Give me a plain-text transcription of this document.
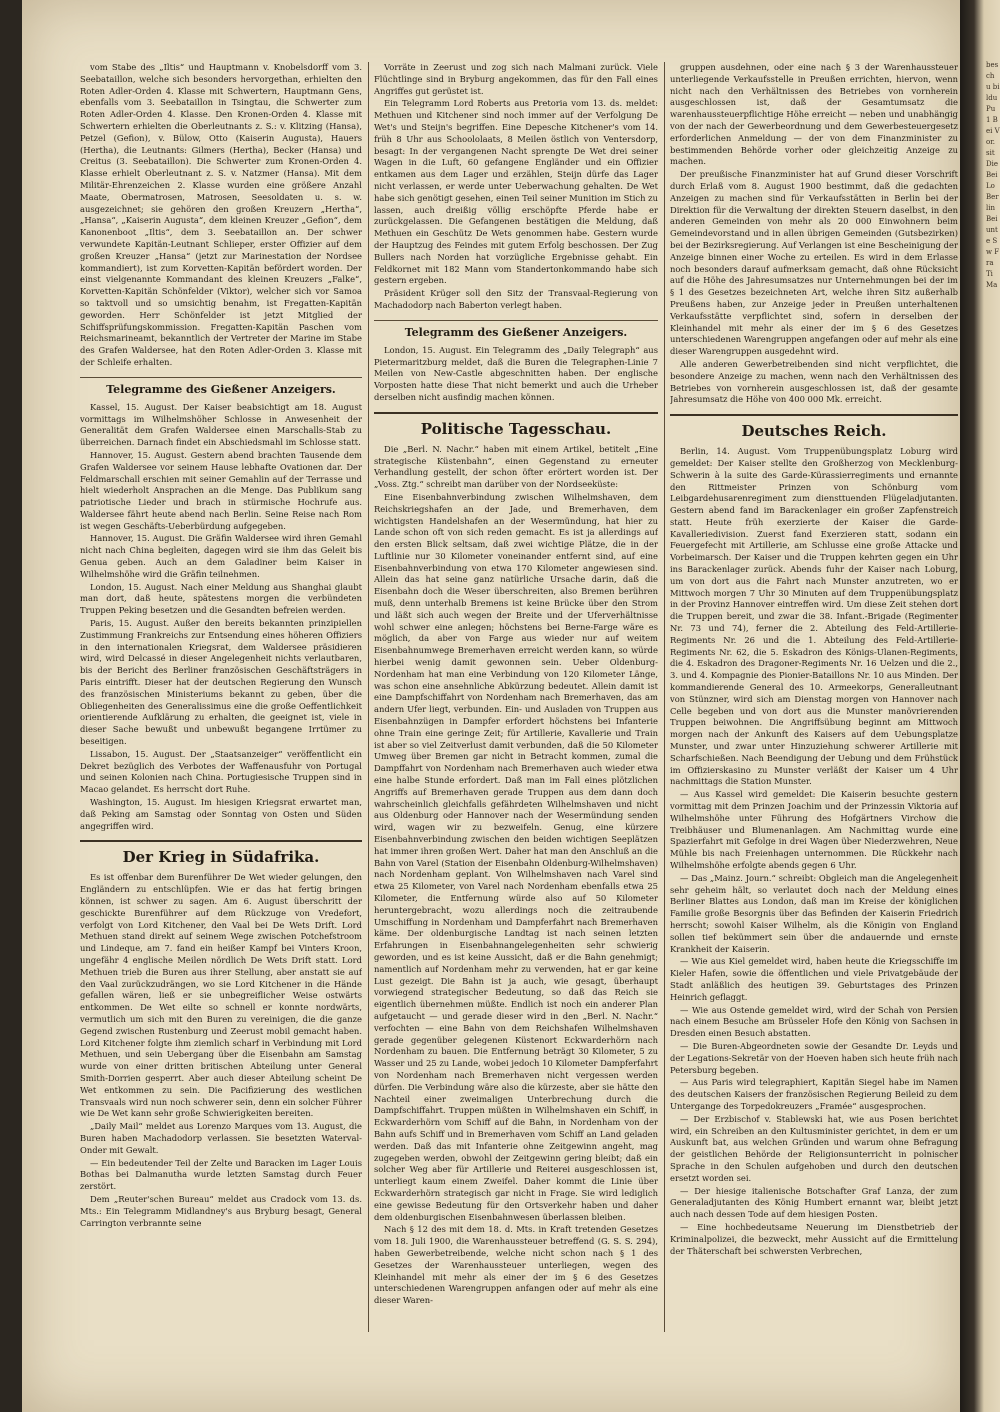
vom Stabe des „Iltis“ und Hauptmann v. Knobelsdorff vom 3. Seebataillon, welche sich besonders hervorgethan, erhielten den Roten Adler-Orden 4. Klasse mit Schwertern, Hauptmann Gens, ebenfalls vom 3. Seebataillon in Tsingtau, die Schwerter zum Roten Adler-Orden 4. Klasse. Den Kronen-Orden 4. Klasse mit Schwertern erhielten die Oberleutnants z. S.: v. Klitzing (Hansa), Petzel (Gefion), v. Bülow, Otto (Kaiserin Augusta), Hauers (Hertha), die Leutnants: Gilmers (Hertha), Becker (Hansa) und Creitus (3. Seebataillon). Die Schwerter zum Kronen-Orden 4. Klasse erhielt Oberleutnant z. S. v. Natzmer (Hansa). Mit dem Militär-Ehrenzeichen 2. Klasse wurden eine größere Anzahl Maate, Obermatrosen, Matrosen, Seesoldaten u. s. w. ausgezeichnet; sie gehören den großen Kreuzern „Hertha“, „Hansa“, „Kaiserin Augusta“, dem kleinen Kreuzer „Gefion“, dem Kanonenboot „Iltis“, dem 3. Seebataillon an. Der schwer verwundete Kapitän-Leutnant Schlieper, erster Offizier auf dem großen Kreuzer „Hansa“ (jetzt zur Marinestation der Nordsee kommandiert), ist zum Korvetten-Kapitän befördert worden. Der einst vielgenannte Kommandant des kleinen Kreuzers „Falke“, Korvetten-Kapitän Schönfelder (Viktor), welcher sich vor Samoa so taktvoll und so umsichtig benahm, ist Fregatten-Kapitän geworden. Herr Schönfelder ist jetzt Mitglied der Schiffsprüfungskommission. Fregatten-Kapitän Paschen vom Reichsmarineamt, bekanntlich der Vertreter der Marine im Stabe des Grafen Waldersee, hat den Roten Adler-Orden 3. Klasse mit der Schleife erhalten.

Telegramme des Gießener Anzeigers.

Kassel, 15. August. Der Kaiser beabsichtigt am 18. August vormittags im Wilhelmshöher Schlosse in Anwesenheit der Generalität dem Grafen Waldersee einen Marschalls-Stab zu überreichen. Darnach findet ein Abschiedsmahl im Schlosse statt.

Hannover, 15. August. Gestern abend brachten Tausende dem Grafen Waldersee vor seinem Hause lebhafte Ovationen dar. Der Feldmarschall erschien mit seiner Gemahlin auf der Terrasse und hielt wiederholt Ansprachen an die Menge. Das Publikum sang patriotische Lieder und brach in stürmische Hochrufe aus. Waldersee fährt heute abend nach Berlin. Seine Reise nach Rom ist wegen Geschäfts-Ueberbürdung aufgegeben.

Hannover, 15. August. Die Gräfin Waldersee wird ihren Gemahl nicht nach China begleiten, dagegen wird sie ihm das Geleit bis Genua geben. Auch an dem Galadiner beim Kaiser in Wilhelmshöhe wird die Gräfin teilnehmen.

London, 15. August. Nach einer Meldung aus Shanghai glaubt man dort, daß heute, spätestens morgen die verbündeten Truppen Peking besetzen und die Gesandten befreien werden.

Paris, 15. August. Außer den bereits bekannten prinzipiellen Zustimmung Frankreichs zur Entsendung eines höheren Offiziers in den internationalen Kriegsrat, dem Waldersee präsidieren wird, wird Delcassé in dieser Angelegenheit nichts verlautbaren, bis der Bericht des Berliner französischen Geschäftsträgers in Paris eintrifft. Dieser hat der deutschen Regierung den Wunsch des französischen Ministeriums bekannt zu geben, über die Obliegenheiten des Generalissimus eine die große Oeffentlichkeit orientierende Aufklärung zu erhalten, die geeignet ist, viele in dieser Sache bewußt und unbewußt begangene Irrtümer zu beseitigen.

Lissabon, 15. August. Der „Staatsanzeiger“ veröffentlicht ein Dekret bezüglich des Verbotes der Waffenausfuhr von Portugal und seinen Kolonien nach China. Portugiesische Truppen sind in Macao gelandet. Es herrscht dort Ruhe.

Washington, 15. August. Im hiesigen Kriegsrat erwartet man, daß Peking am Samstag oder Sonntag von Osten und Süden angegriffen wird.

Der Krieg in Südafrika.

Es ist offenbar dem Burenführer De Wet wieder gelungen, den Engländern zu entschlüpfen. Wie er das hat fertig bringen können, ist schwer zu sagen. Am 6. August überschritt der geschickte Burenführer auf dem Rückzuge von Vredefort, verfolgt von Lord Kitchener, den Vaal bei De Wets Drift. Lord Methuen stand direkt auf seinem Wege zwischen Potchefstroom und Lindeque, am 7. fand ein heißer Kampf bei Vinters Kroon, ungefähr 4 englische Meilen nördlich De Wets Drift statt. Lord Methuen trieb die Buren aus ihrer Stellung, aber anstatt sie auf den Vaal zurückzudrängen, wo sie Lord Kitchener in die Hände gefallen wären, ließ er sie unbegreiflicher Weise ostwärts entkommen. De Wet eilte so schnell er konnte nordwärts, vermutlich um sich mit den Buren zu vereinigen, die die ganze Gegend zwischen Rustenburg und Zeerust mobil gemacht haben. Lord Kitchener folgte ihm ziemlich scharf in Verbindung mit Lord Methuen, und sein Uebergang über die Eisenbahn am Samstag wurde von einer dritten britischen Abteilung unter General Smith-Dorrien gesperrt. Aber auch dieser Abteilung scheint De Wet entkommen zu sein. Die Pacifizierung des westlichen Transvaals wird nun noch schwerer sein, denn ein solcher Führer wie De Wet kann sehr große Schwierigkeiten bereiten.

„Daily Mail“ meldet aus Lorenzo Marques vom 13. August, die Buren haben Machadodorp verlassen. Sie besetzten Waterval-Onder mit Gewalt.

— Ein bedeutender Teil der Zelte und Baracken im Lager Louis Bothas bei Dalmanutha wurde letzten Samstag durch Feuer zerstört.

Dem „Reuter'schen Bureau“ meldet aus Cradock vom 13. ds. Mts.: Ein Telegramm Midlandney's aus Bryburg besagt, General Carrington verbrannte seine

Vorräte in Zeerust und zog sich nach Malmani zurück. Viele Flüchtlinge sind in Bryburg angekommen, das für den Fall eines Angriffes gut gerüstet ist.

Ein Telegramm Lord Roberts aus Pretoria vom 13. ds. meldet: Methuen und Kitchener sind noch immer auf der Verfolgung De Wet's und Steijn's begriffen. Eine Depesche Kitchener's vom 14. früh 8 Uhr aus Schoololaats, 8 Meilen östlich von Ventersdorp, besagt: In der vergangenen Nacht sprengte De Wet drei seiner Wagen in die Luft, 60 gefangene Engländer und ein Offizier entkamen aus dem Lager und erzählen, Steijn dürfe das Lager nicht verlassen, er werde unter Ueberwachung gehalten. De Wet habe sich genötigt gesehen, einen Teil seiner Munition im Stich zu lassen, auch dreißig völlig erschöpfte Pferde habe er zurückgelassen. Die Gefangenen bestätigen die Meldung, daß Methuen ein Geschütz De Wets genommen habe. Gestern wurde der Hauptzug des Feindes mit gutem Erfolg beschossen. Der Zug Bullers nach Norden hat vorzügliche Ergebnisse gehabt. Ein Feldkornet mit 182 Mann vom Standertonkommando habe sich gestern ergeben.

Präsident Krüger soll den Sitz der Transvaal-Regierung von Machadodorp nach Baberton verlegt haben.

Telegramm des Gießener Anzeigers.

London, 15. August. Ein Telegramm des „Daily Telegraph“ aus Pietermaritzburg meldet, daß die Buren die Telegraphen-Linie 7 Meilen von New-Castle abgeschnitten haben. Der englische Vorposten hatte diese That nicht bemerkt und auch die Urheber derselben nicht ausfindig machen können.

Politische Tagesschau.

Die „Berl. N. Nachr.“ haben mit einem Artikel, betitelt „Eine strategische Küstenbahn“, einen Gegenstand zu erneuter Verhandlung gestellt, der schon öfter erörtert worden ist. Der „Voss. Ztg.“ schreibt man darüber von der Nordseeküste:

Eine Eisenbahnverbindung zwischen Wilhelmshaven, dem Reichskriegshafen an der Jade, und Bremerhaven, dem wichtigsten Handelshafen an der Wesermündung, hat hier zu Lande schon oft von sich reden gemacht. Es ist ja allerdings auf den ersten Blick seltsam, daß zwei wichtige Plätze, die in der Luftlinie nur 30 Kilometer voneinander entfernt sind, auf eine Eisenbahnverbindung von etwa 170 Kilometer angewiesen sind. Allein das hat seine ganz natürliche Ursache darin, daß die Eisenbahn doch die Weser überschreiten, also Bremen berühren muß, denn unterhalb Bremens ist keine Brücke über den Strom und läßt sich auch wegen der Breite und der Uferverhältnisse wohl schwer eine anlegen; höchstens bei Berne-Farge wäre es möglich, da aber von Farge aus wieder nur auf weitem Eisenbahnumwege Bremerhaven erreicht werden kann, so würde hierbei wenig damit gewonnen sein. Ueber Oldenburg-Nordenham hat man eine Verbindung von 120 Kilometer Länge, was schon eine ansehnliche Abkürzung bedeutet. Allein damit ist eine Dampfschiffahrt von Nordenham nach Bremerhaven, das am andern Ufer liegt, verbunden. Ein- und Ausladen von Truppen aus Eisenbahnzügen in Dampfer erfordert höchstens bei Infanterie ohne Train eine geringe Zeit; für Artillerie, Kavallerie und Train ist aber so viel Zeitverlust damit verbunden, daß die 50 Kilometer Umweg über Bremen gar nicht in Betracht kommen, zumal die Dampffahrt von Nordenham nach Bremerhaven auch wieder etwa eine halbe Stunde erfordert. Daß man im Fall eines plötzlichen Angriffs auf Bremerhaven gerade Truppen aus dem dann doch wahrscheinlich gleichfalls gefährdeten Wilhelmshaven und nicht aus Oldenburg oder Hannover nach der Wesermündung senden wird, wagen wir zu bezweifeln. Genug, eine kürzere Eisenbahnverbindung zwischen den beiden wichtigen Seeplätzen hat immer ihren großen Wert. Daher hat man den Anschluß an die Bahn von Varel (Station der Eisenbahn Oldenburg-Wilhelmshaven) nach Nordenham geplant. Von Wilhelmshaven nach Varel sind etwa 25 Kilometer, von Varel nach Nordenham ebenfalls etwa 25 Kilometer, die Entfernung würde also auf 50 Kilometer heruntergebracht, wozu allerdings noch die zeitraubende Umschiffung in Nordenham und Dampferfahrt nach Bremerhaven käme. Der oldenburgische Landtag ist nach seinen letzten Erfahrungen in Eisenbahnangelegenheiten sehr schwierig geworden, und es ist keine Aussicht, daß er die Bahn genehmigt; namentlich auf Nordenham mehr zu verwenden, hat er gar keine Lust gezeigt. Die Bahn ist ja auch, wie gesagt, überhaupt vorwiegend strategischer Bedeutung, so daß das Reich sie eigentlich übernehmen müßte. Endlich ist noch ein anderer Plan aufgetaucht — und gerade dieser wird in den „Berl. N. Nachr.“ verfochten — eine Bahn von dem Reichshafen Wilhelmshaven gerade gegenüber gelegenen Küstenort Eckwarderhörn nach Nordenham zu bauen. Die Entfernung beträgt 30 Kilometer, 5 zu Wasser und 25 zu Lande, wobei jedoch 10 Kilometer Dampferfahrt von Nordenham nach Bremerhaven nicht vergessen werden dürfen. Die Verbindung wäre also die kürzeste, aber sie hätte den Nachteil einer zweimaligen Unterbrechung durch die Dampfschiffahrt. Truppen müßten in Wilhelmshaven ein Schiff, in Eckwarderhörn vom Schiff auf die Bahn, in Nordenham von der Bahn aufs Schiff und in Bremerhaven vom Schiff an Land geladen werden. Daß das mit Infanterie ohne Zeitgewinn angeht, mag zugegeben werden, obwohl der Zeitgewinn gering bleibt; daß ein solcher Weg aber für Artillerie und Reiterei ausgeschlossen ist, unterliegt kaum einem Zweifel. Daher kommt die Linie über Eckwarderhörn strategisch gar nicht in Frage. Sie wird lediglich eine gewisse Bedeutung für den Ortsverkehr haben und daher dem oldenburgischen Eisenbahnwesen überlassen bleiben.

Nach § 12 des mit dem 18. d. Mts. in Kraft tretenden Gesetzes vom 18. Juli 1900, die Warenhaussteuer betreffend (G. S. S. 294), haben Gewerbetreibende, welche nicht schon nach § 1 des Gesetzes der Warenhaussteuer unterliegen, wegen des Kleinhandel mit mehr als einer der im § 6 des Gesetzes unterschiedenen Warengruppen anfangen oder auf mehr als eine dieser Waren-

gruppen ausdehnen, oder eine nach § 3 der Warenhaussteuer unterliegende Verkaufsstelle in Preußen errichten, hiervon, wenn nicht nach den Verhältnissen des Betriebes von vornherein ausgeschlossen ist, daß der Gesamtumsatz die warenhaussteuerpflichtige Höhe erreicht — neben und unabhängig von der nach der Gewerbeordnung und dem Gewerbesteuergesetz erforderlichen Anmeldung — der von dem Finanzminister zu bestimmenden Behörde vorher oder gleichzeitig Anzeige zu machen.

Der preußische Finanzminister hat auf Grund dieser Vorschrift durch Erlaß vom 8. August 1900 bestimmt, daß die gedachten Anzeigen zu machen sind für Verkaufsstätten in Berlin bei der Direktion für die Verwaltung der direkten Steuern daselbst, in den anderen Gemeinden von mehr als 20 000 Einwohnern beim Gemeindevorstand und in allen übrigen Gemeinden (Gutsbezirken) bei der Bezirksregierung. Auf Verlangen ist eine Bescheinigung der Anzeige binnen einer Woche zu erteilen. Es wird in dem Erlasse noch besonders darauf aufmerksam gemacht, daß ohne Rücksicht auf die Höhe des Jahresumsatzes nur Unternehmungen bei der im § 1 des Gesetzes bezeichneten Art, welche ihren Sitz außerhalb Preußens haben, zur Anzeige jeder in Preußen unterhaltenen Verkaufsstätte verpflichtet sind, sofern in derselben der Kleinhandel mit mehr als einer der im § 6 des Gesetzes unterschiedenen Warengruppen angefangen oder auf mehr als eine dieser Warengruppen ausgedehnt wird.

Alle anderen Gewerbetreibenden sind nicht verpflichtet, die besondere Anzeige zu machen, wenn nach den Verhältnissen des Betriebes von vornherein ausgeschlossen ist, daß der gesamte Jahresumsatz die Höhe von 400 000 Mk. erreicht.

Deutsches Reich.

Berlin, 14. August. Vom Truppenübungsplatz Loburg wird gemeldet: Der Kaiser stellte den Großherzog von Mecklenburg-Schwerin à la suite des Garde-Kürassierregiments und ernannte den Rittmeister Prinzen von Schönburg vom Leibgardehusarenregiment zum diensttuenden Flügeladjutanten. Gestern abend fand im Barackenlager ein großer Zapfenstreich statt. Heute früh exerzierte der Kaiser die Garde-Kavalleriedivision. Zuerst fand Exerzieren statt, sodann ein Feuergefecht mit Artillerie, am Schlusse eine große Attacke und Vorbeimarsch. Der Kaiser und die Truppen kehrten gegen ein Uhr ins Barackenlager zurück. Abends fuhr der Kaiser nach Loburg, um von dort aus die Fahrt nach Munster anzutreten, wo er Mittwoch morgen 7 Uhr 30 Minuten auf dem Truppenübungsplatz in der Provinz Hannover eintreffen wird. Um diese Zeit stehen dort die Truppen bereit, und zwar die 38. Infant.-Brigade (Regimenter Nr. 73 und 74), ferner die 2. Abteilung des Feld-Artillerie-Regiments Nr. 26 und die 1. Abteilung des Feld-Artillerie-Regiments Nr. 62, die 5. Eskadron des Königs-Ulanen-Regiments, die 4. Eskadron des Dragoner-Regiments Nr. 16 Uelzen und die 2., 3. und 4. Kompagnie des Pionier-Bataillons Nr. 10 aus Minden. Der kommandierende General des 10. Armeekorps, Generalleutnant von Stünzner, wird sich am Dienstag morgen von Hannover nach Celle begeben und von dort aus die Munster manövrierenden Truppen beiwohnen. Die Angriffsübung beginnt am Mittwoch morgen nach der Ankunft des Kaisers auf dem Uebungsplatze Munster, und zwar unter Hinzuziehung schwerer Artillerie mit Scharfschießen. Nach Beendigung der Uebung und dem Frühstück im Offizierskasino zu Munster verläßt der Kaiser um 4 Uhr nachmittags die Station Munster.

— Aus Kassel wird gemeldet: Die Kaiserin besuchte gestern vormittag mit dem Prinzen Joachim und der Prinzessin Viktoria auf Wilhelmshöhe unter Führung des Hofgärtners Virchow die Treibhäuser und Blumenanlagen. Am Nachmittag wurde eine Spazierfahrt mit Gefolge in drei Wagen über Niederzwehren, Neue Mühle bis nach Freienhagen unternommen. Die Rückkehr nach Wilhelmshöhe erfolgte abends gegen 6 Uhr.

— Das „Mainz. Journ.“ schreibt: Obgleich man die Angelegenheit sehr geheim hält, so verlautet doch nach der Meldung eines Berliner Blattes aus London, daß man im Kreise der königlichen Familie große Besorgnis über das Befinden der Kaiserin Friedrich herrscht; sowohl Kaiser Wilhelm, als die Königin von England sollen tief bekümmert sein über die andauernde und ernste Krankheit der Kaiserin.

— Wie aus Kiel gemeldet wird, haben heute die Kriegsschiffe im Kieler Hafen, sowie die öffentlichen und viele Privatgebäude der Stadt anläßlich des heutigen 39. Geburtstages des Prinzen Heinrich geflaggt.

— Wie aus Ostende gemeldet wird, wird der Schah von Persien nach einem Besuche am Brüsseler Hofe den König von Sachsen in Dresden einen Besuch abstatten.

— Die Buren-Abgeordneten sowie der Gesandte Dr. Leyds und der Legations-Sekretär von der Hoeven haben sich heute früh nach Petersburg begeben.

— Aus Paris wird telegraphiert, Kapitän Siegel habe im Namen des deutschen Kaisers der französischen Regierung Beileid zu dem Untergange des Torpedokreuzers „Framée“ ausgesprochen.

— Der Erzbischof v. Stablewski hat, wie aus Posen berichtet wird, ein Schreiben an den Kultusminister gerichtet, in dem er um Auskunft bat, aus welchen Gründen und warum ohne Befragung der geistlichen Behörde der Religionsunterricht in polnischer Sprache in den Schulen aufgehoben und durch den deutschen ersetzt worden sei.

— Der hiesige italienische Botschafter Graf Lanza, der zum Generaladjutanten des König Humbert ernannt war, bleibt jetzt auch nach dessen Tode auf dem hiesigen Posten.

— Eine hochbedeutsame Neuerung im Dienstbetrieb der Kriminalpolizei, die bezweckt, mehr Aussicht auf die Ermittelung der Thäterschaft bei schwersten Verbrechen,

besch u bildu Pu 1 Bei Vor. sit Die Bei Lo Berlin Bei unte Sw Fra Ti Ma
